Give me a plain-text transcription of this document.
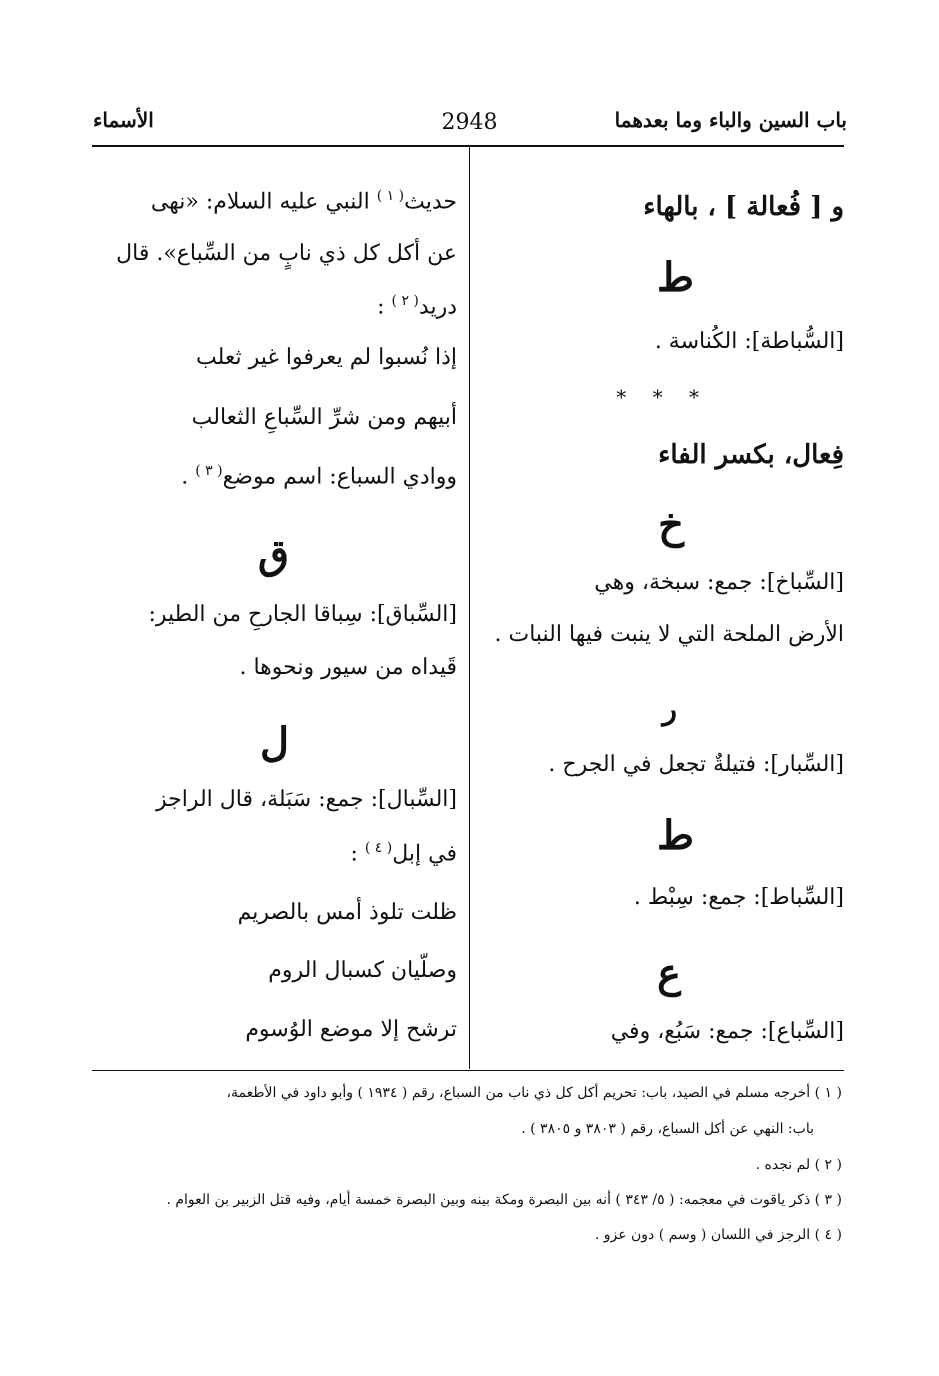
باب السين والباء وما بعدهما
2948
الأسماء
و [ فُعالة ] ، بالهاء
ط
[السُّباطة]: الكُناسة .
* * *
فِعال، بكسر الفاء
خ
[السِّباخ]: جمع: سبخة، وهي
الأرض الملحة التي لا ينبت فيها النبات .
ر
[السِّبار]: فتيلةٌ تجعل في الجرح .
ط
[السِّباط]: جمع: سِبْط .
ع
[السِّباع]: جمع: سَبُع، وفي
حديث$^{( ١ )}$ النبي عليه السلام: «نهى
عن أكل كل ذي نابٍ من السِّباع». قال
دريد$^{( ٢ )}$ :
إذا نُسبوا لم يعرفوا غير ثعلب
أبيهم ومن شرِّ السِّباعِ الثعالب
ووادي السباع: اسم موضع$^{( ٣ )}$ .
ق
[السِّباق]: سِباقا الجارحِ من الطير:
قَيداه من سيور ونحوها .
ل
[السِّبال]: جمع: سَبَلة، قال الراجز
في إبل$^{( ٤ )}$ :
ظلت تلوذ أمس بالصريم
وصلّيان كسبال الروم
ترشح إلا موضع الوُسوم
( ١ ) أخرجه مسلم في الصيد، باب: تحريم أكل كل ذي ناب من السباع، رقم ( ١٩٣٤ ) وأبو داود في الأطعمة،
باب: النهي عن أكل السباع، رقم ( ٣٨٠٣ و ٣٨٠٥ ) .
( ٢ ) لم نجده .
( ٣ ) ذكر ياقوت في معجمه: ( ٥/ ٣٤٣ ) أنه بين البصرة ومكة بينه وبين البصرة خمسة أيام، وفيه قتل الزبير بن العوام .
( ٤ ) الرجز في اللسان ( وسم ) دون عزو .
